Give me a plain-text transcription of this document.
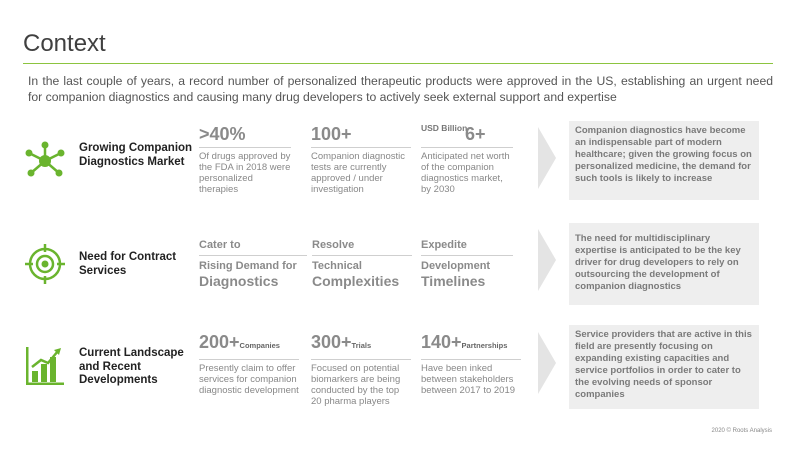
Context
In the last couple of years, a record number of personalized therapeutic products were approved in the US, establishing an urgent need for companion diagnostics and causing many drug developers to actively seek external support and expertise
Growing Companion Diagnostics Market
>40%
Of drugs approved by the FDA in 2018 were personalized therapies
100+
Companion diagnostic tests are currently approved / under investigation
USD Billion6+
Anticipated net worth of the companion diagnostics market, by 2030
Companion diagnostics have become an indispensable part of modern healthcare; given the growing focus on personalized medicine, the demand for such tools is likely to increase
Need for Contract Services
Cater to
Rising Demand for
Diagnostics
Resolve
Technical
Complexities
Expedite
Development
Timelines
The need for multidisciplinary expertise is anticipated to be the key driver for drug developers to rely on outsourcing the development of companion diagnostics
Current Landscape and Recent Developments
200+Companies
Presently claim to offer services for companion diagnostic development
300+Trials
Focused on potential biomarkers are being conducted by the top 20 pharma players
140+Partnerships
Have been inked between stakeholders between 2017 to 2019
Service providers that are active in this field are presently focusing on expanding existing capacities and service portfolios in order to cater to the evolving needs of sponsor companies
2020 © Roots Analysis
